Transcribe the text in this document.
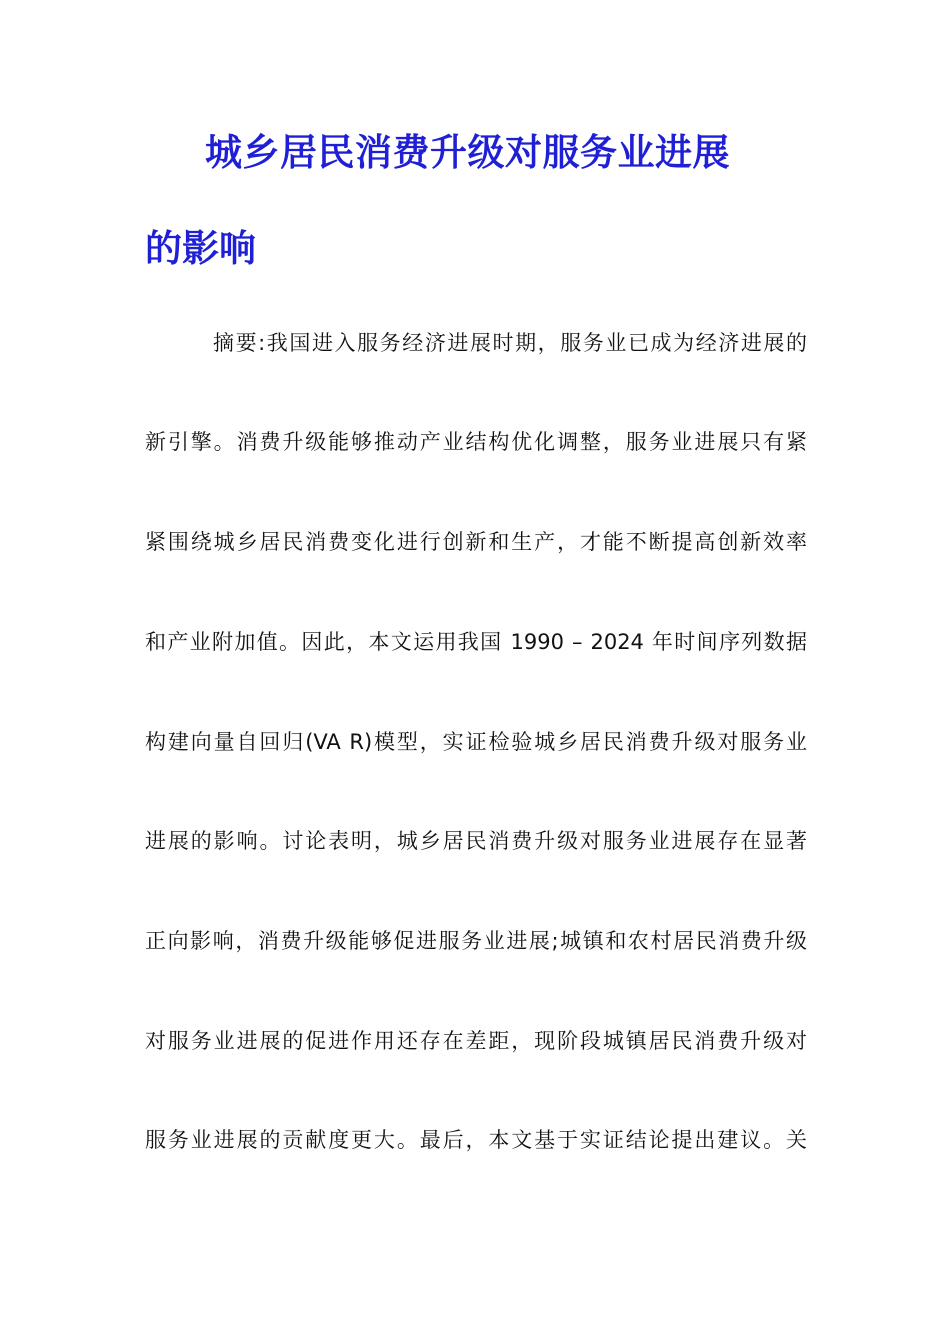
城乡居民消费升级对服务业进展
的影响
摘要:我国进入服务经济进展时期，服务业已成为经济进展的
新引擎。消费升级能够推动产业结构优化调整，服务业进展只有紧
紧围绕城乡居民消费变化进行创新和生产，才能不断提高创新效率
和产业附加值。因此，本文运用我国 1990 – 2024 年时间序列数据
构建向量自回归(VA R)模型，实证检验城乡居民消费升级对服务业
进展的影响。讨论表明，城乡居民消费升级对服务业进展存在显著
正向影响，消费升级能够促进服务业进展;城镇和农村居民消费升级
对服务业进展的促进作用还存在差距，现阶段城镇居民消费升级对
服务业进展的贡献度更大。最后，本文基于实证结论提出建议。关
